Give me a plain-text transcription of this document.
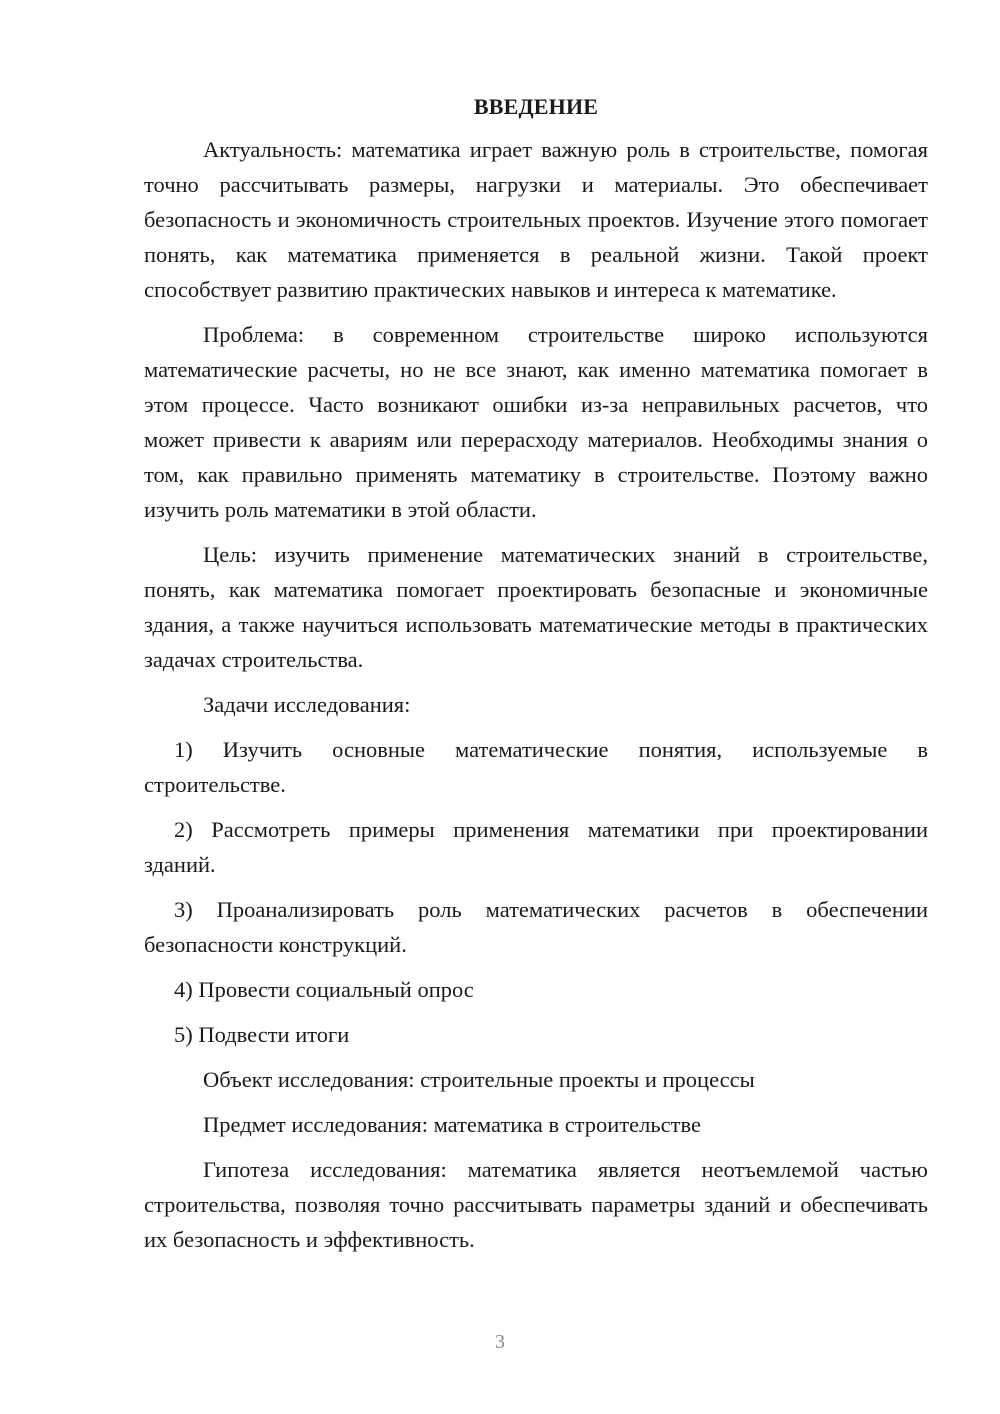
ВВЕДЕНИЕ

Актуальность: математика играет важную роль в строительстве, помогая точно рассчитывать размеры, нагрузки и материалы. Это обеспечивает безопасность и экономичность строительных проектов. Изучение этого помогает понять, как математика применяется в реальной жизни. Такой проект способствует развитию практических навыков и интереса к математике.

Проблема: в современном строительстве широко используются математические расчеты, но не все знают, как именно математика помогает в этом процессе. Часто возникают ошибки из-за неправильных расчетов, что может привести к авариям или перерасходу материалов. Необходимы знания о том, как правильно применять математику в строительстве. Поэтому важно изучить роль математики в этой области.

Цель: изучить применение математических знаний в строительстве, понять, как математика помогает проектировать безопасные и экономичные здания, а также научиться использовать математические методы в практических задачах строительства.

Задачи исследования:

1) Изучить основные математические понятия, используемые в строительстве.

2) Рассмотреть примеры применения математики при проектировании зданий.

3) Проанализировать роль математических расчетов в обеспечении безопасности конструкций.

4) Провести социальный опрос

5) Подвести итоги

Объект исследования: строительные проекты и процессы

Предмет исследования: математика в строительстве

Гипотеза исследования: математика является неотъемлемой частью строительства, позволяя точно рассчитывать параметры зданий и обеспечивать их безопасность и эффективность.

3
